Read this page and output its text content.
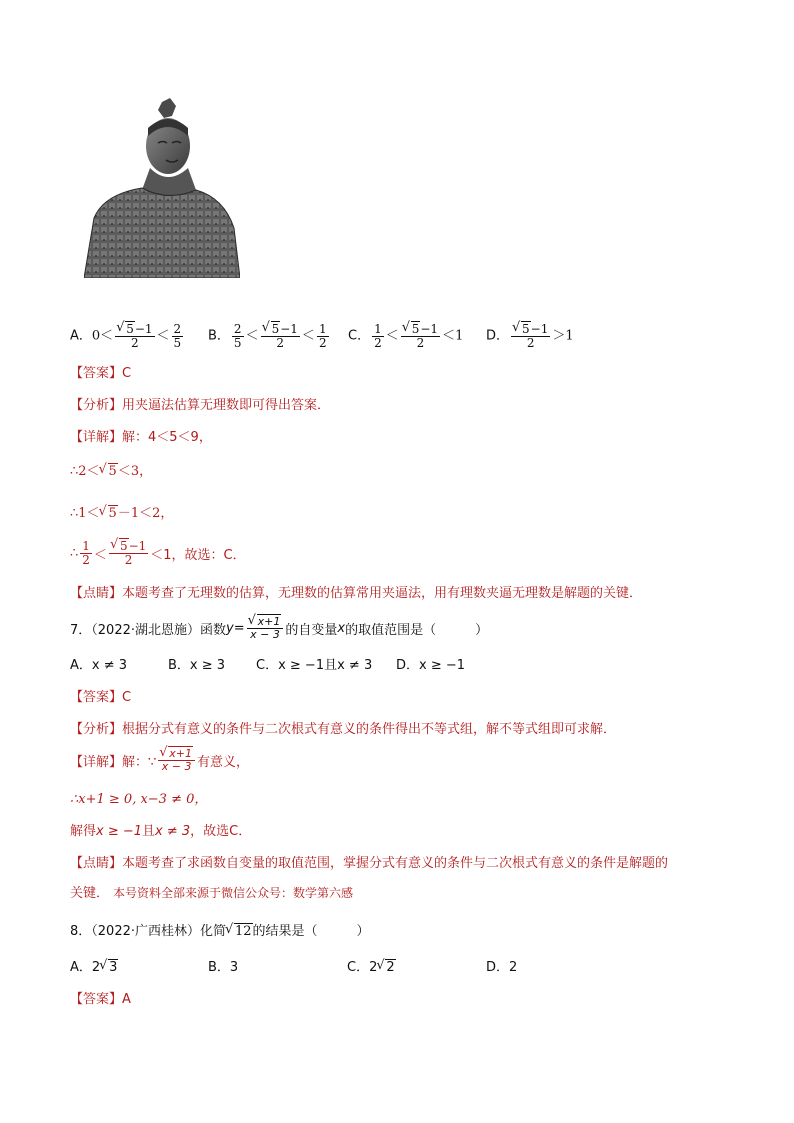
A．0＜ √ $\frac{5-1}{2} < \frac{2}{5}$ B． $\frac{2}{5}$ ＜ √ $\frac{5-1}{2} < \frac{1}{2}$ C． $\frac{1}{2}$ ＜ √ $\frac{5-1}{2} <1$	D． √ $\frac{5-1}{2} >1$
【答案】C
【分析】用夹逼法估算无理数即可得出答案．
【详解】解：4＜5＜9，
∴2＜ √ 5＜3，
∴1＜ √ 5－1＜2，
∴ $\frac{1}{2}$ ＜ √ $\frac{5-1}{2} <1$，故选：C．
【点睛】本题考查了无理数的估算，无理数的估算常用夹逼法，用有理数夹逼无理数是解题的关键．
7．（2022·湖北恩施）函数 y = √ $\frac{x+1}{x - 3}$ 的自变量 x 的取值范围是（　　　）
A．x ≠ 3	B．x ≥ 3 C．x ≥ −1且x ≠ 3 D．x ≥ −1
【答案】C
【分析】根据分式有意义的条件与二次根式有意义的条件得出不等式组，解不等式组即可求解．
【详解】 解：∵ √ $\frac{x+1}{x - 3}$ 有意义，
∴x+1 ≥ 0, x−3 ≠ 0，
解得x ≥ −1且x ≠ 3，故选C．
【点睛】本题考查了求函数自变量的取值范围，掌握分式有意义的条件与二次根式有意义的条件是解题的
关键． 本号资料全部来源于微信公众号：数学第六感
8．（2022·广西桂林）化简 √ 12的结果是（　　　）
A．2 √ 3	B．3	C．2 √ 2	D．2
【答案】A
